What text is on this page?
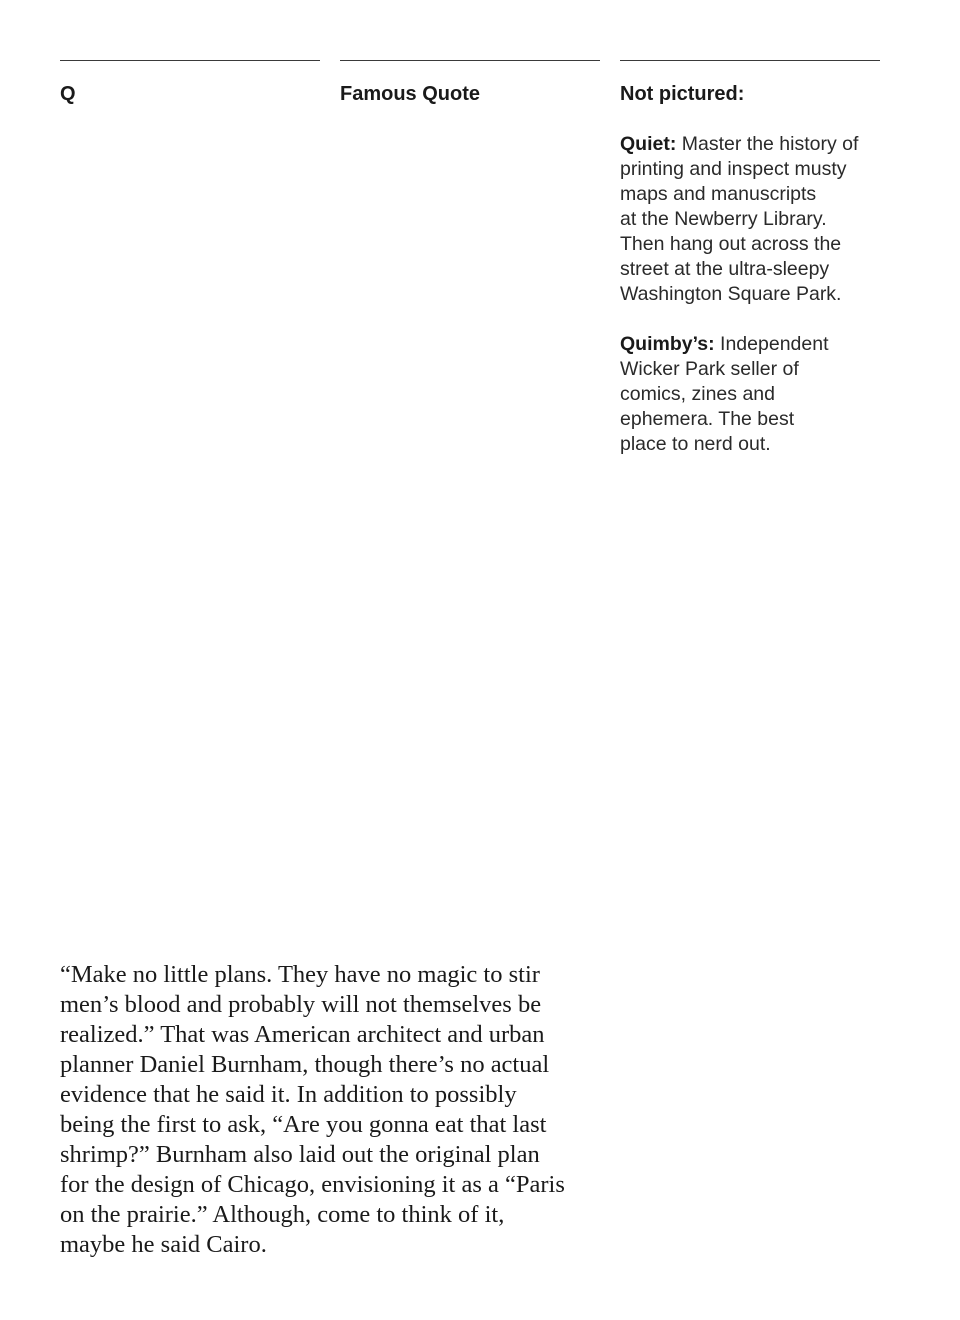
Q	Famous Quote	Not pictured:

Quiet: Master the history of
printing and inspect musty
maps and manuscripts
at the Newberry Library.
Then hang out across the
street at the ultra-sleepy
Washington Square Park.

Quimby’s: Independent
Wicker Park seller of
comics, zines and
ephemera. The best
place to nerd out.

“Make no little plans. They have no magic to stir
men’s blood and probably will not themselves be
realized.” That was American architect and urban
planner Daniel Burnham, though there’s no actual
evidence that he said it. In addition to possibly
being the first to ask, “Are you gonna eat that last
shrimp?” Burnham also laid out the original plan
for the design of Chicago, envisioning it as a “Paris
on the prairie.” Although, come to think of it,
maybe he said Cairo.
